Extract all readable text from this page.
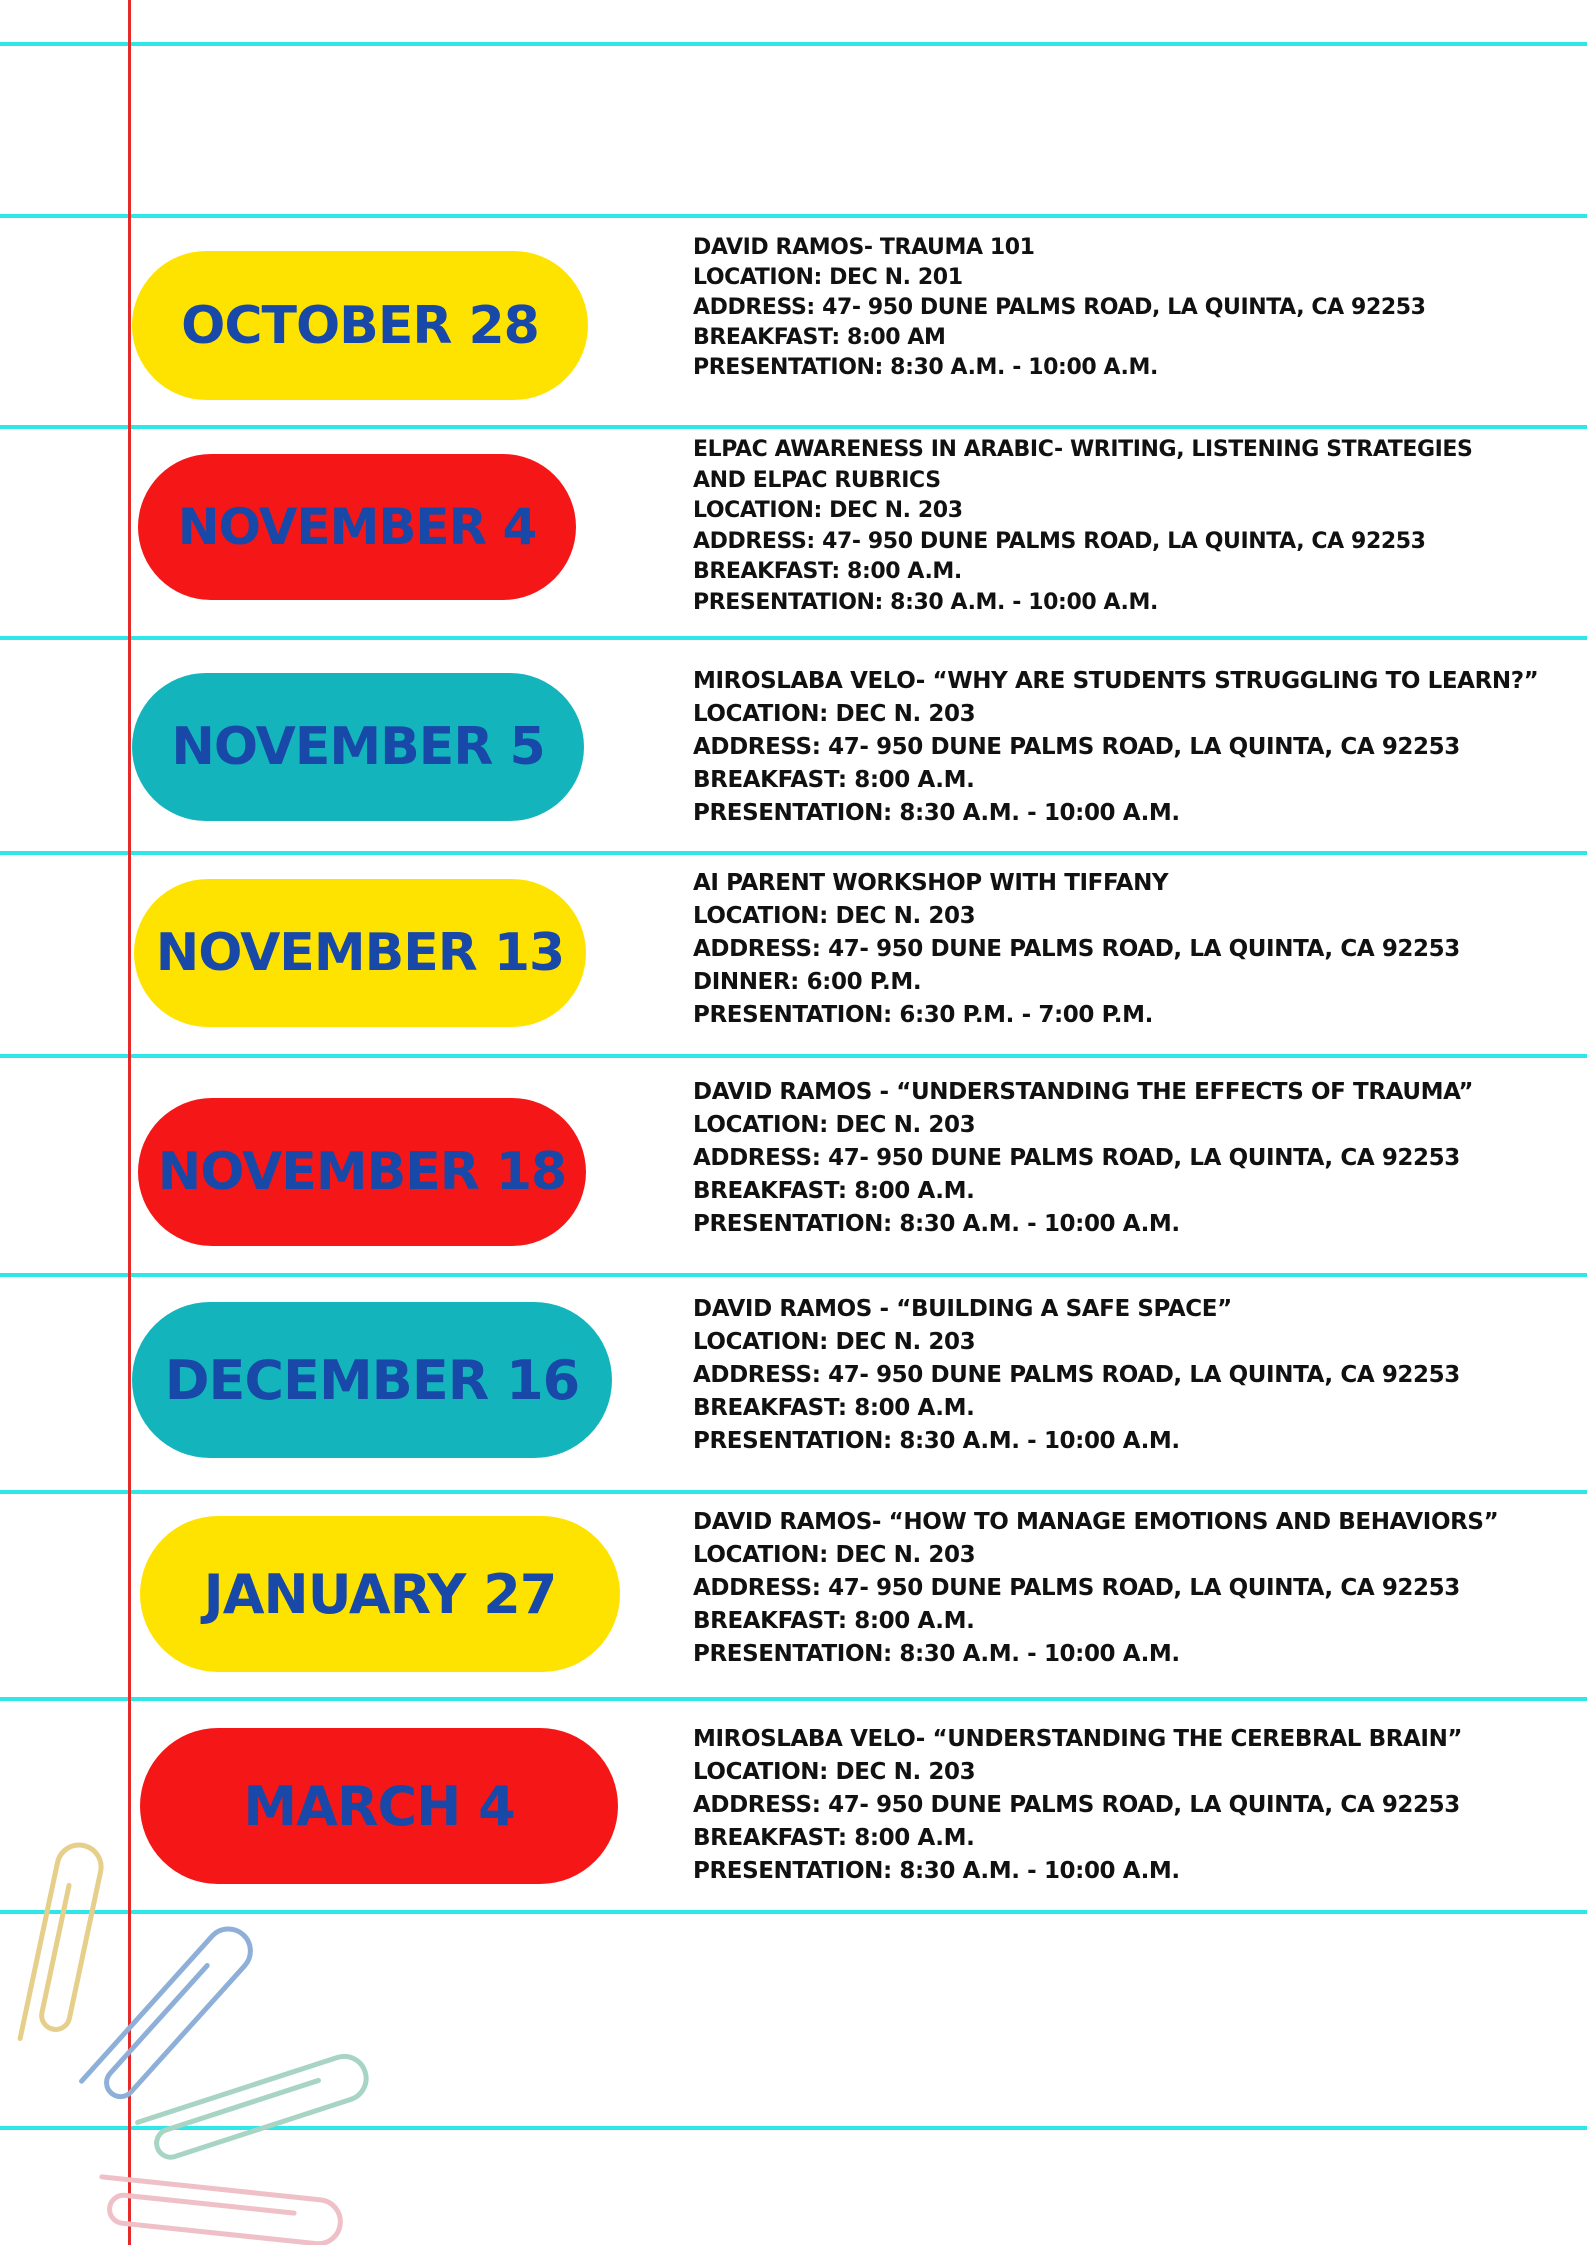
OCTOBER 28
DAVID RAMOS- TRAUMA 101
LOCATION: DEC N. 201
ADDRESS: 47- 950 DUNE PALMS ROAD, LA QUINTA, CA 92253
BREAKFAST: 8:00 AM
PRESENTATION: 8:30 A.M. - 10:00 A.M.
NOVEMBER 4
ELPAC AWARENESS IN ARABIC- WRITING, LISTENING STRATEGIES AND ELPAC RUBRICS
LOCATION: DEC N. 203
ADDRESS: 47- 950 DUNE PALMS ROAD, LA QUINTA, CA 92253
BREAKFAST: 8:00 A.M.
PRESENTATION: 8:30 A.M. - 10:00 A.M.
NOVEMBER 5
MIROSLABA VELO- “WHY ARE STUDENTS STRUGGLING TO LEARN?”
LOCATION: DEC N. 203
ADDRESS: 47- 950 DUNE PALMS ROAD, LA QUINTA, CA 92253
BREAKFAST: 8:00 A.M.
PRESENTATION: 8:30 A.M. - 10:00 A.M.
NOVEMBER 13
AI PARENT WORKSHOP WITH TIFFANY
LOCATION: DEC N. 203
ADDRESS: 47- 950 DUNE PALMS ROAD, LA QUINTA, CA 92253
DINNER: 6:00 P.M.
PRESENTATION: 6:30 P.M. - 7:00 P.M.
NOVEMBER 18
DAVID RAMOS - “UNDERSTANDING THE EFFECTS OF TRAUMA”
LOCATION: DEC N. 203
ADDRESS: 47- 950 DUNE PALMS ROAD, LA QUINTA, CA 92253
BREAKFAST: 8:00 A.M.
PRESENTATION: 8:30 A.M. - 10:00 A.M.
DECEMBER 16
DAVID RAMOS - “BUILDING A SAFE SPACE”
LOCATION: DEC N. 203
ADDRESS: 47- 950 DUNE PALMS ROAD, LA QUINTA, CA 92253
BREAKFAST: 8:00 A.M.
PRESENTATION: 8:30 A.M. - 10:00 A.M.
JANUARY 27
DAVID RAMOS- “HOW TO MANAGE EMOTIONS AND BEHAVIORS”
LOCATION: DEC N. 203
ADDRESS: 47- 950 DUNE PALMS ROAD, LA QUINTA, CA 92253
BREAKFAST: 8:00 A.M.
PRESENTATION: 8:30 A.M. - 10:00 A.M.
MARCH 4
MIROSLABA VELO- “UNDERSTANDING THE CEREBRAL BRAIN”
LOCATION: DEC N. 203
ADDRESS: 47- 950 DUNE PALMS ROAD, LA QUINTA, CA 92253
BREAKFAST: 8:00 A.M.
PRESENTATION: 8:30 A.M. - 10:00 A.M.
